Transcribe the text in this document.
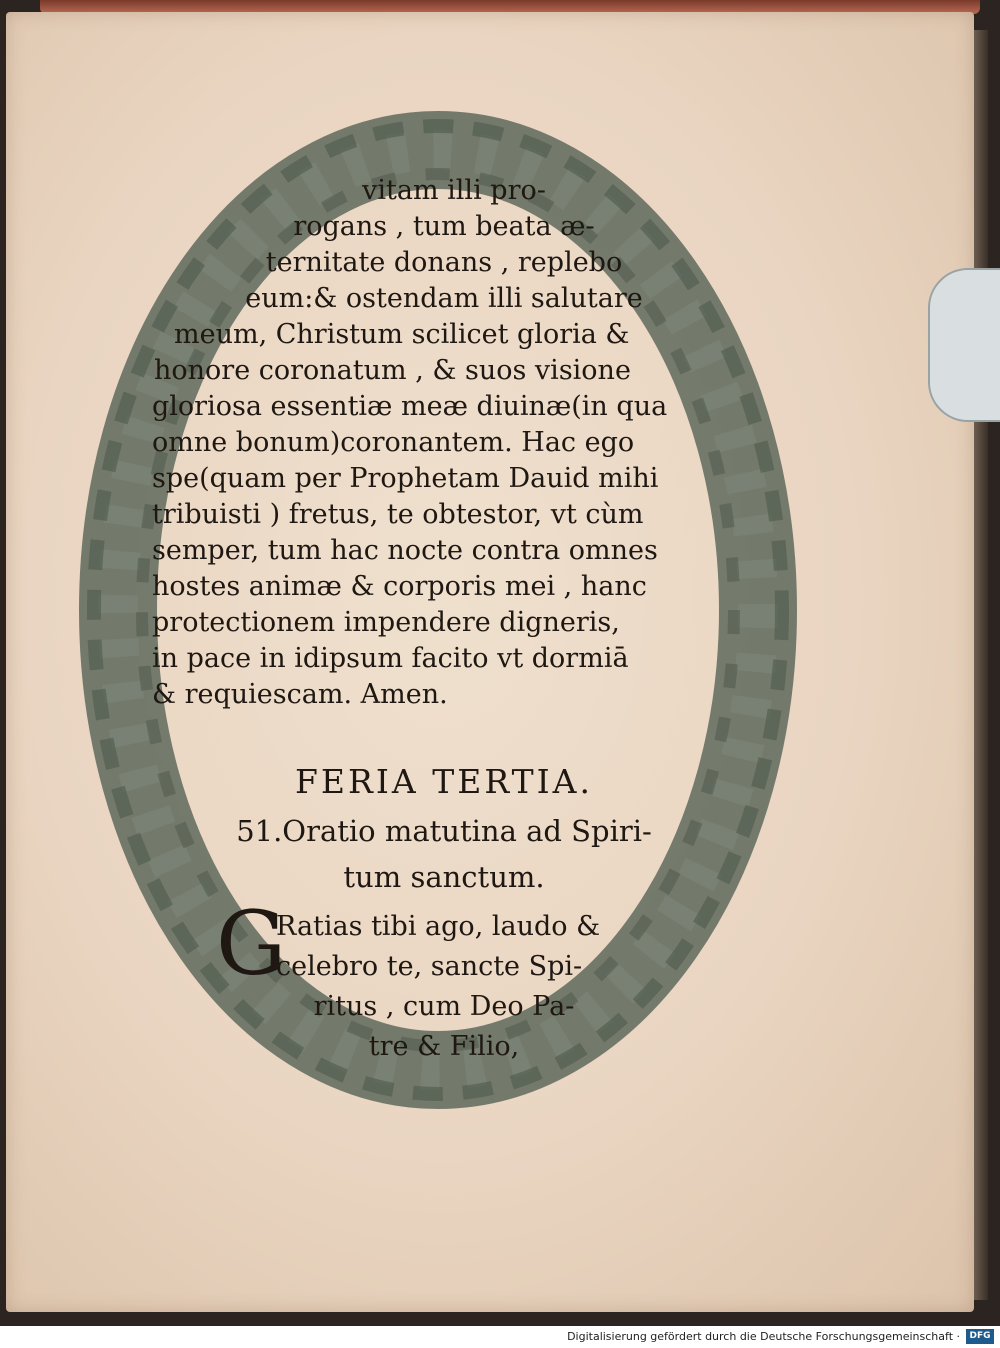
vitam illi pro-
rogans , tum beata æ-
ternitate donans , replebo
eum:& ostendam illi salutare
meum, Christum scilicet gloria &
honore coronatum , & suos visione
gloriosa essentiæ meæ diuinæ(in qua
omne bonum)coronantem. Hac ego
spe(quam per Prophetam Dauid mihi
tribuisti ) fretus, te obtestor, vt cùm
semper, tum hac nocte contra omnes
hostes animæ & corporis mei , hanc
protectionem impendere digneris,
in pace in idipsum facito vt dormiā
& requiescam. Amen.
FERIA TERTIA.
51.Oratio matutina ad Spiri-
tum sanctum.
G
Ratias tibi ago, laudo &
celebro te, sancte Spi-
ritus , cum Deo Pa-
tre & Filio,
Digitalisierung gefördert durch die Deutsche Forschungsgemeinschaft ·	DFG
